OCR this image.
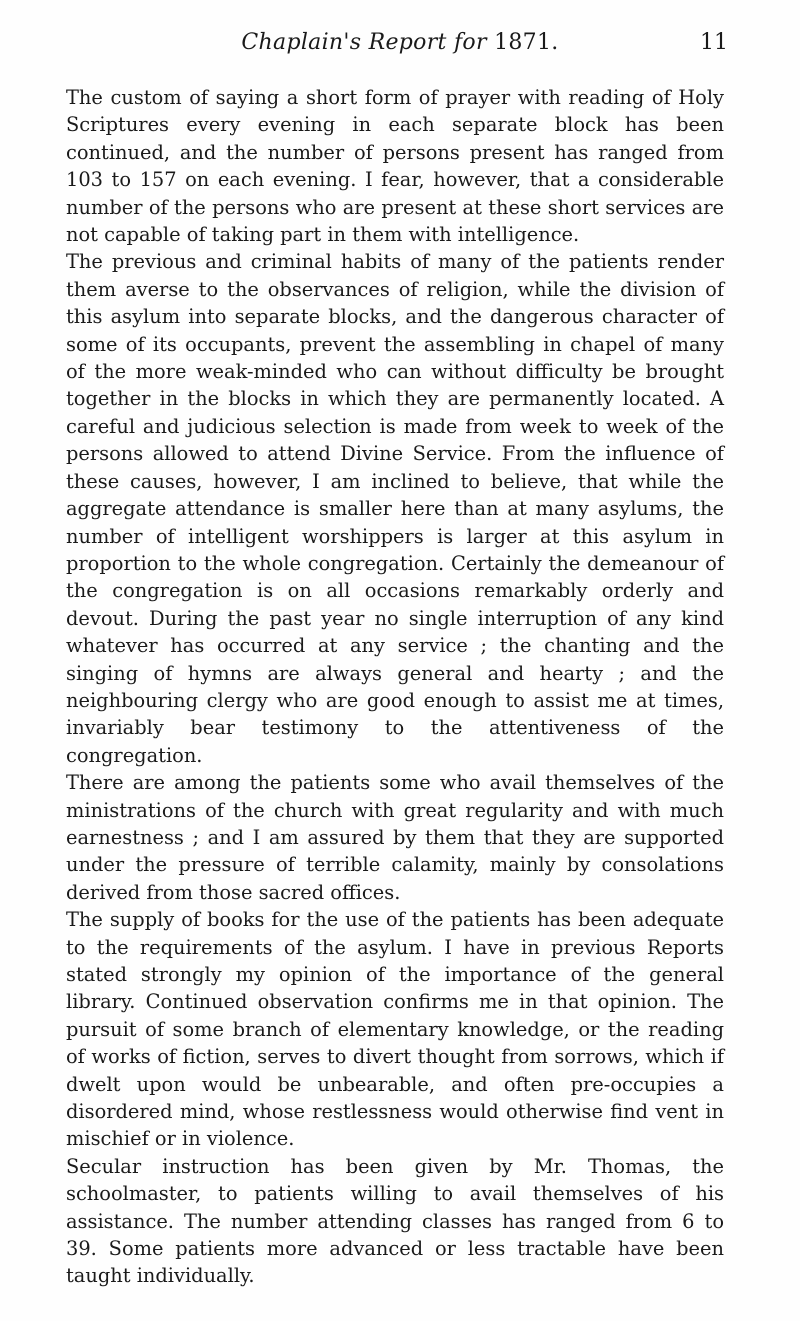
Chaplain's Report for 1871.	11

The custom of saying a short form of prayer with reading of Holy Scriptures every evening in each separate block has been continued, and the number of persons present has ranged from 103 to 157 on each evening. I fear, however, that a considerable number of the persons who are present at these short services are not capable of taking part in them with intelligence.

The previous and criminal habits of many of the patients render them averse to the observances of religion, while the division of this asylum into separate blocks, and the dangerous character of some of its occupants, prevent the assembling in chapel of many of the more weak-minded who can without difficulty be brought together in the blocks in which they are permanently located. A careful and judicious selection is made from week to week of the persons allowed to attend Divine Service. From the influence of these causes, however, I am inclined to believe, that while the aggregate attendance is smaller here than at many asylums, the number of intelligent worshippers is larger at this asylum in proportion to the whole congregation. Certainly the demeanour of the congregation is on all occasions remarkably orderly and devout. During the past year no single interruption of any kind whatever has occurred at any service ; the chanting and the singing of hymns are always general and hearty ; and the neighbouring clergy who are good enough to assist me at times, invariably bear testimony to the attentiveness of the congregation.

There are among the patients some who avail themselves of the ministrations of the church with great regularity and with much earnestness ; and I am assured by them that they are supported under the pressure of terrible calamity, mainly by consolations derived from those sacred offices.

The supply of books for the use of the patients has been adequate to the requirements of the asylum. I have in previous Reports stated strongly my opinion of the importance of the general library. Continued observation confirms me in that opinion. The pursuit of some branch of elementary knowledge, or the reading of works of fiction, serves to divert thought from sorrows, which if dwelt upon would be unbearable, and often pre-occupies a disordered mind, whose restlessness would otherwise find vent in mischief or in violence.

Secular instruction has been given by Mr. Thomas, the schoolmaster, to patients willing to avail themselves of his assistance. The number attending classes has ranged from 6 to 39. Some patients more advanced or less tractable have been taught individually.
